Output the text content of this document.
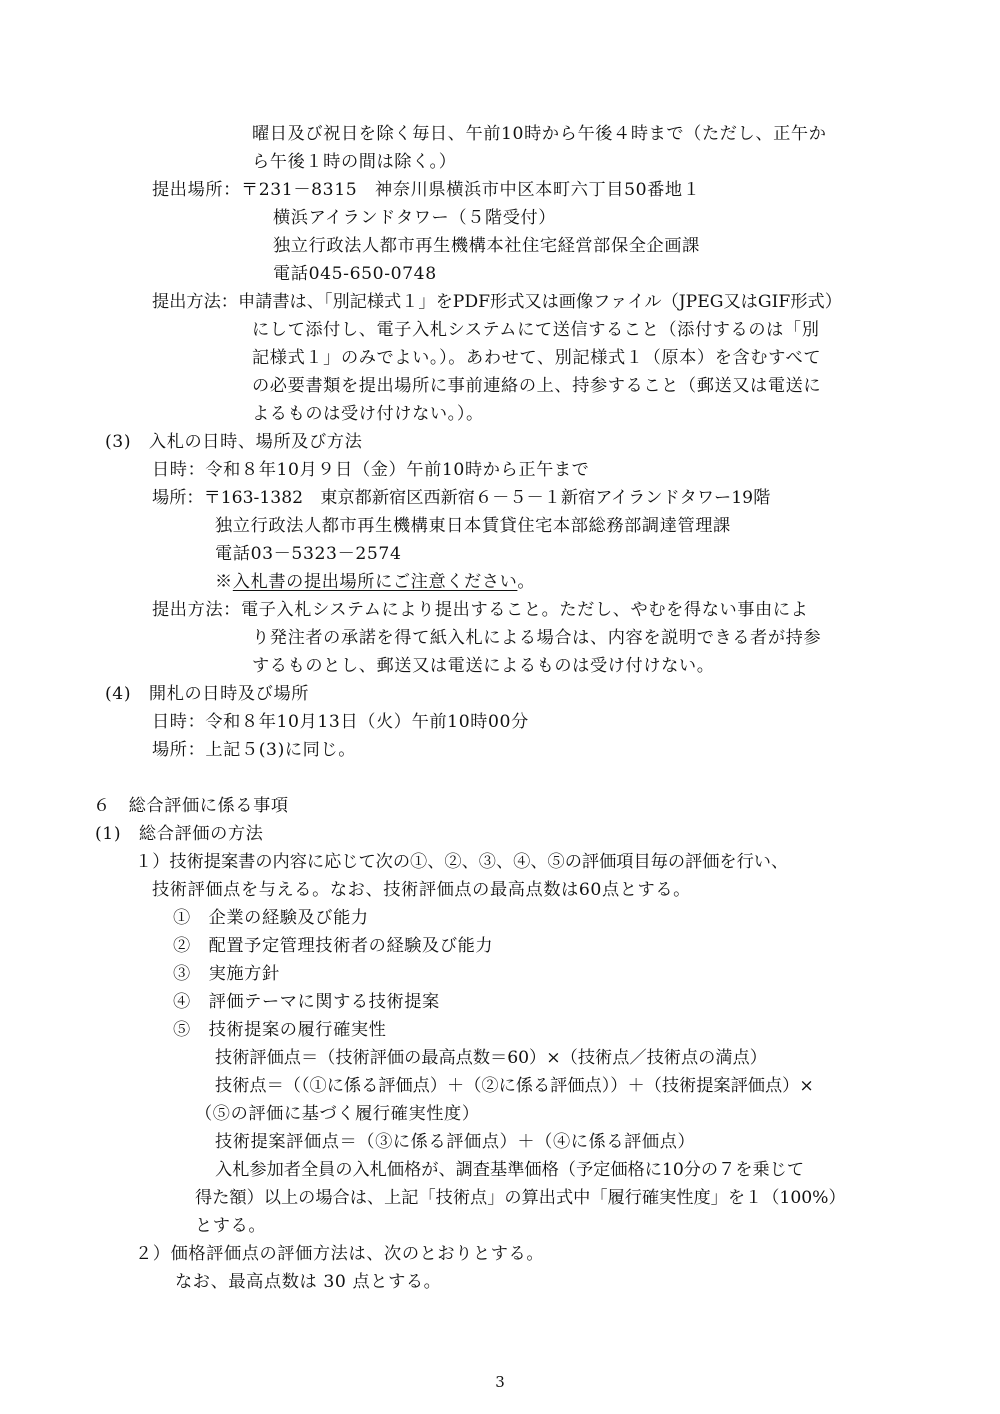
曜日及び祝日を除く毎日、午前10時から午後４時まで（ただし、正午か
ら午後１時の間は除く。）
提出場所：〒231－8315　神奈川県横浜市中区本町六丁目50番地１
横浜アイランドタワー（５階受付）
独立行政法人都市再生機構本社住宅経営部保全企画課
電話045-650-0748
提出方法：申請書は、「別記様式１」をPDF形式又は画像ファイル（JPEG又はGIF形式）
にして添付し、電子入札システムにて送信すること（添付するのは「別
記様式１」のみでよい。）。あわせて、別記様式１（原本）を含むすべて
の必要書類を提出場所に事前連絡の上、持参すること（郵送又は電送に
よるものは受け付けない。）。
(3)　入札の日時、場所及び方法
日時：令和８年10月９日（金）午前10時から正午まで
場所：〒163-1382　東京都新宿区西新宿６－５－１新宿アイランドタワー19階
独立行政法人都市再生機構東日本賃貸住宅本部総務部調達管理課
電話03－5323－2574
※入札書の提出場所にご注意ください。
提出方法：電子入札システムにより提出すること。ただし、やむを得ない事由によ
り発注者の承諾を得て紙入札による場合は、内容を説明できる者が持参
するものとし、郵送又は電送によるものは受け付けない。
(4)　開札の日時及び場所
日時：令和８年10月13日（火）午前10時00分
場所：上記５(3)に同じ。
６　総合評価に係る事項
(1)　総合評価の方法
１）技術提案書の内容に応じて次の①、②、③、④、⑤の評価項目毎の評価を行い、
技術評価点を与える。なお、技術評価点の最高点数は60点とする。
①　企業の経験及び能力
②　配置予定管理技術者の経験及び能力
③　実施方針
④　評価テーマに関する技術提案
⑤　技術提案の履行確実性
技術評価点＝（技術評価の最高点数＝60）×（技術点／技術点の満点）
技術点＝（（①に係る評価点）＋（②に係る評価点））＋（技術提案評価点）×
（⑤の評価に基づく履行確実性度）
技術提案評価点＝（③に係る評価点）＋（④に係る評価点）
入札参加者全員の入札価格が、調査基準価格（予定価格に10分の７を乗じて
得た額）以上の場合は、上記「技術点」の算出式中「履行確実性度」を１（100%）
とする。
２）価格評価点の評価方法は、次のとおりとする。
なお、最高点数は 30 点とする。
3
